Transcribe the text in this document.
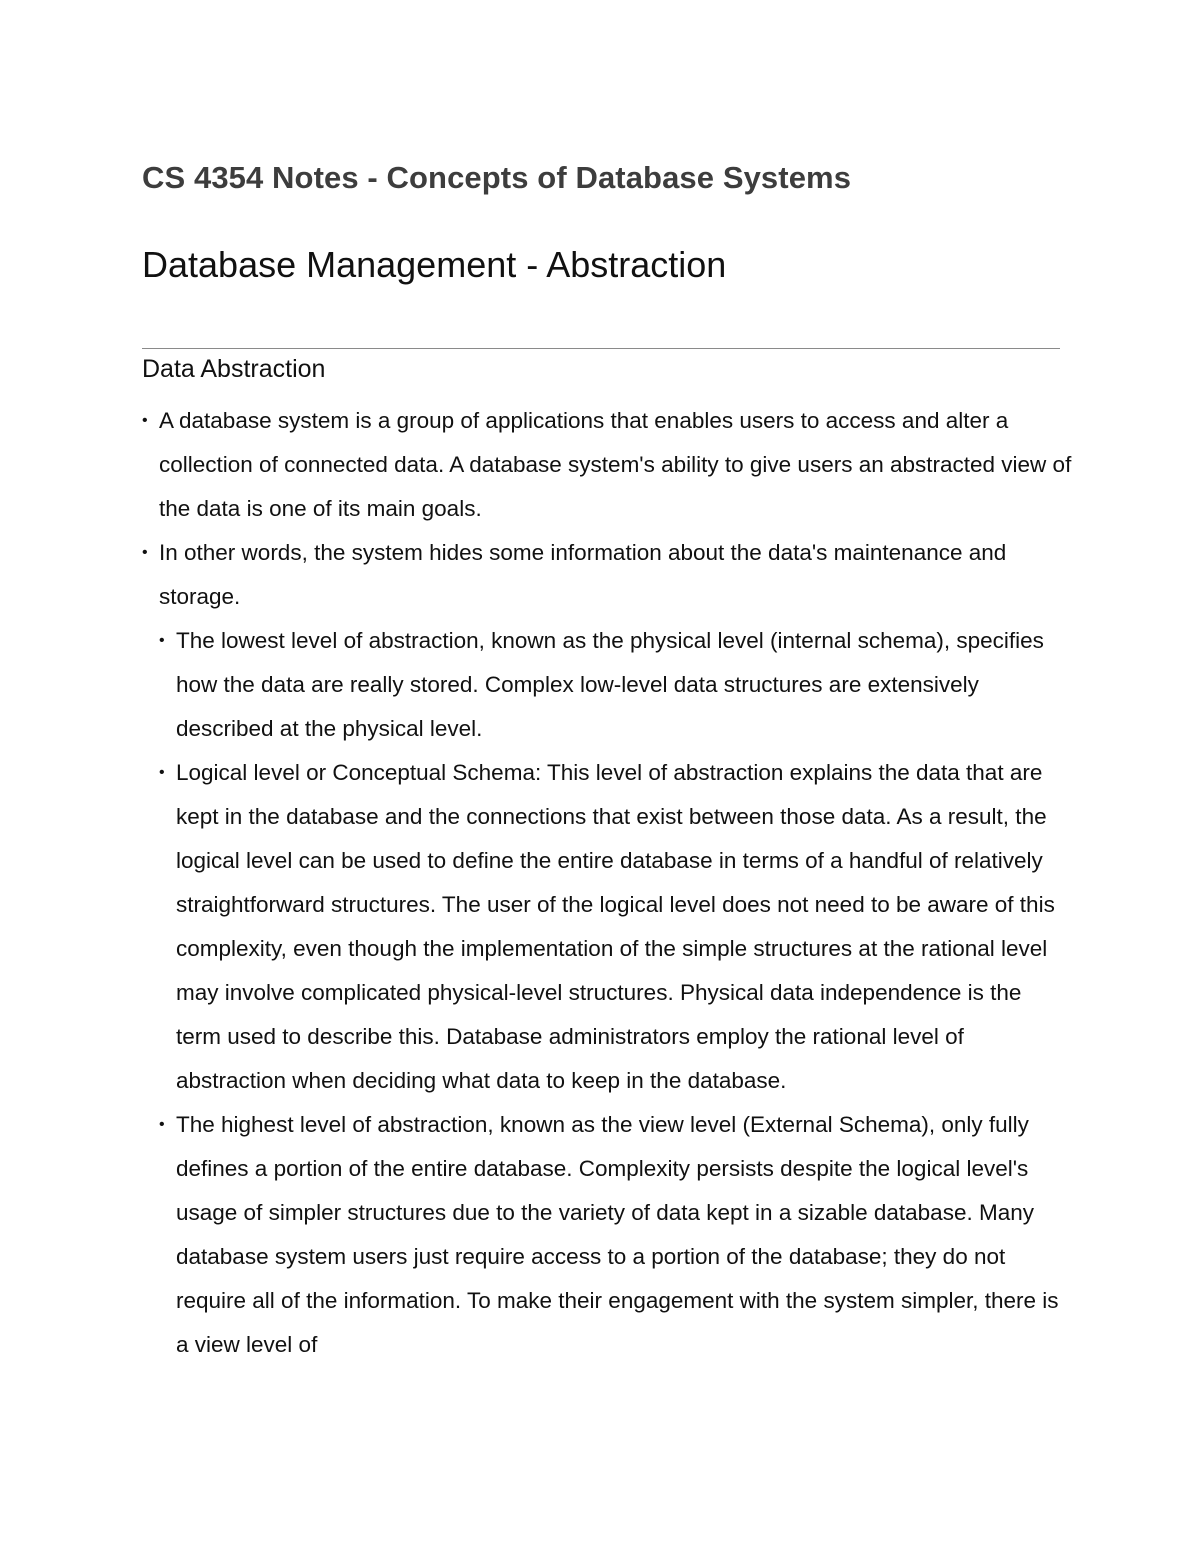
CS 4354 Notes - Concepts of Database Systems
Database Management - Abstraction
Data Abstraction
• A database system is a group of applications that enables users to access and alter a collection of connected data. A database system's ability to give users an abstracted view of the data is one of its main goals.
• In other words, the system hides some information about the data's maintenance and storage.
• The lowest level of abstraction, known as the physical level (internal schema), specifies how the data are really stored. Complex low-level data structures are extensively described at the physical level.
• Logical level or Conceptual Schema: This level of abstraction explains the data that are kept in the database and the connections that exist between those data. As a result, the logical level can be used to define the entire database in terms of a handful of relatively straightforward structures. The user of the logical level does not need to be aware of this complexity, even though the implementation of the simple structures at the rational level may involve complicated physical-level structures. Physical data independence is the term used to describe this. Database administrators employ the rational level of abstraction when deciding what data to keep in the database.
• The highest level of abstraction, known as the view level (External Schema), only fully defines a portion of the entire database. Complexity persists despite the logical level's usage of simpler structures due to the variety of data kept in a sizable database. Many database system users just require access to a portion of the database; they do not require all of the information. To make their engagement with the system simpler, there is a view level of
